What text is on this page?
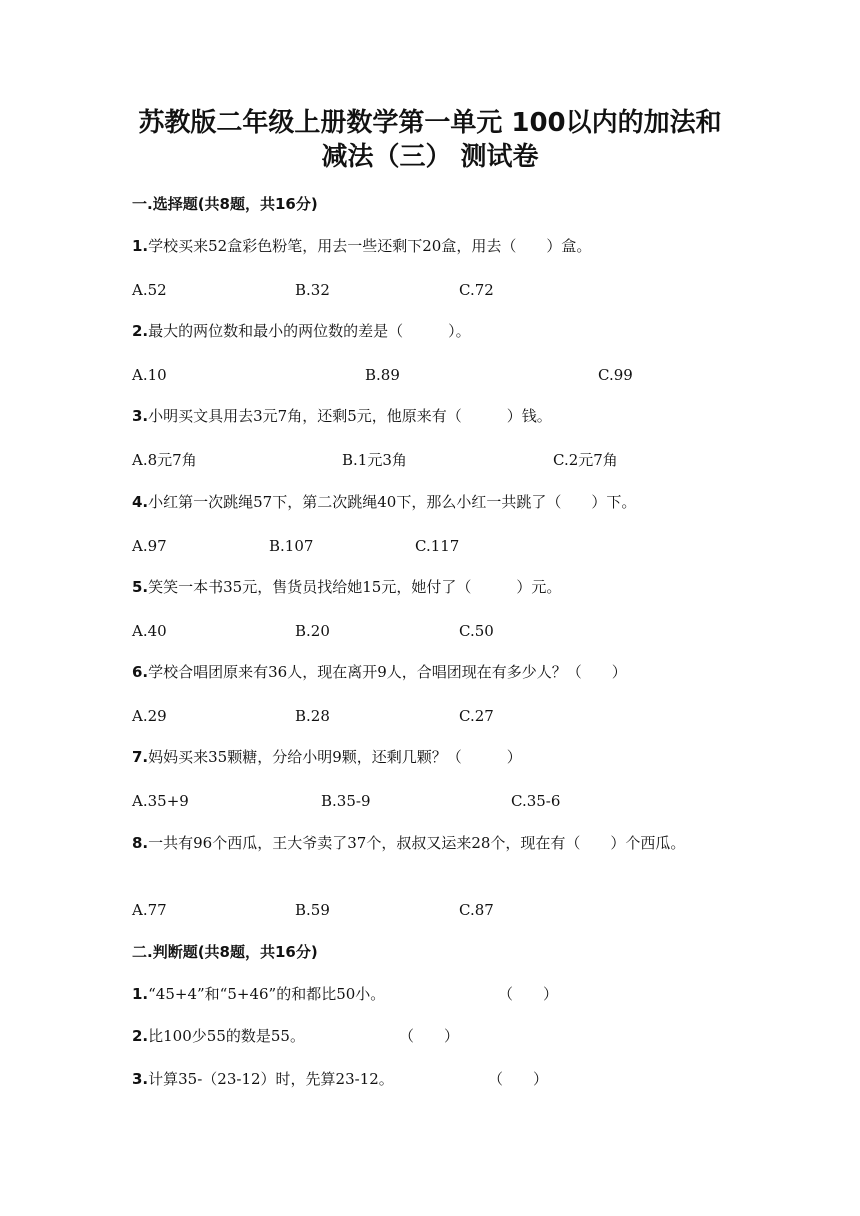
苏教版二年级上册数学第一单元 100以内的加法和
减法（三） 测试卷
一.选择题(共8题，共16分)
1.学校买来52盒彩色粉笔，用去一些还剩下20盒，用去（　　）盒。
A.52	B.32	C.72
2.最大的两位数和最小的两位数的差是（　　　）。
A.10	B.89	C.99
3.小明买文具用去3元7角，还剩5元，他原来有（　　　）钱。
A.8元7角	B.1元3角	C.2元7角
4.小红第一次跳绳57下，第二次跳绳40下，那么小红一共跳了（　　）下。
A.97	B.107	C.117
5.笑笑一本书35元，售货员找给她15元，她付了（　　　）元。
A.40	B.20	C.50
6.学校合唱团原来有36人，现在离开9人，合唱团现在有多少人？（　　）
A.29	B.28	C.27
7.妈妈买来35颗糖，分给小明9颗，还剩几颗？（　　　）
A.35+9	B.35-9	C.35-6
8.一共有96个西瓜，王大爷卖了37个，叔叔又运来28个，现在有（　　）个西瓜。
A.77	B.59	C.87
二.判断题(共8题，共16分)
1.“45+4”和“5+46”的和都比50小。	（　　）
2.比100少55的数是55。	（　　）
3.计算35-（23-12）时，先算23-12。	（　　）
